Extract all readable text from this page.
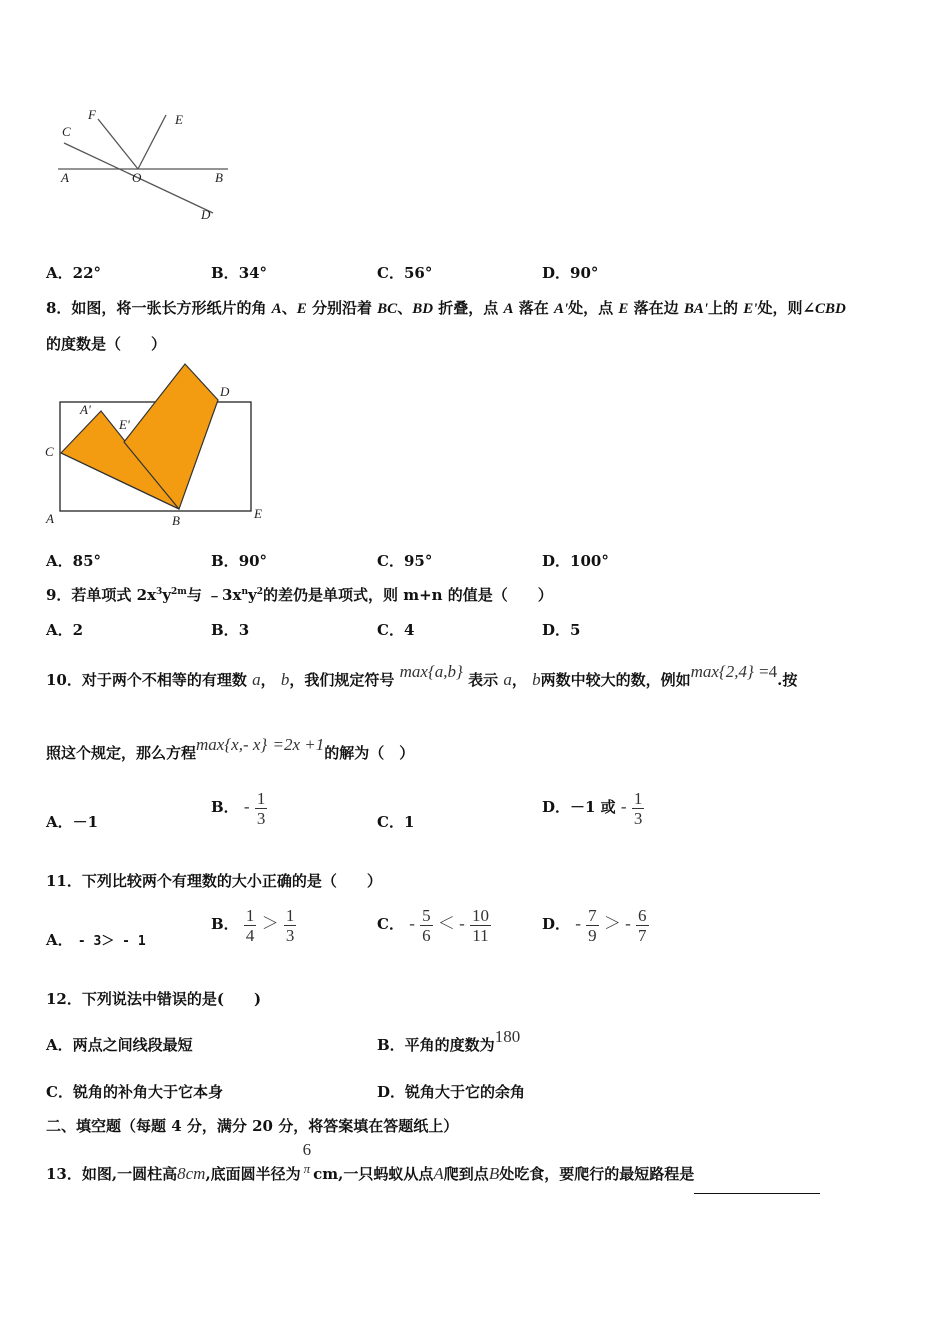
C
F	E
A	O	B
D
A．22°	B．34°	C．56°	D．90°
8．如图，将一张长方形纸片的角 A、E 分别沿着 BC、BD 折叠，点 A 落在 A'处，点 E 落在边 BA'上的 E'处，则∠CBD
的度数是（　　）
A'
E'
C
D
A	B	E
A．85°	B．90°	C．95°	D．100°
9．若单项式 $2x^3y^{2m}$与 $﹣3x^ny^2$的差仍是单项式，则 m+n 的值是（　　）
A．2	B．3	C．4	D．5
10．对于两个不相等的有理数 a， b，我们规定符号 max{a,b} 表示 a， b两数中较大的数，例如max{2,4} =4.按
照这个规定，那么方程max{x,- x} =2x +1的解为（　）
A．－1
B． - $\frac{1}{3}$	C．1
D．－1 或 - $\frac{1}{3}$
11．下列比较两个有理数的大小正确的是（　　）
A． - 3＞ - 1
B． $\frac{1}{4} > \frac{1}{3}$	C． - $\frac{5}{6}$ ＜ - $\frac{10}{11}$	D． - $\frac{7}{9}$ ＞ - $\frac{6}{7}$
12．下列说法中错误的是(　　)
A．两点之间线段最短	B．平角的度数为180
C．锐角的补角大于它本身	D．锐角大于它的余角
二、填空题（每题 4 分，满分 20 分，将答案填在答题纸上）
13．如图,一圆柱高8cm,底面圆半径为
6
π cm,一只蚂蚁从点A爬到点B处吃食，要爬行的最短路程是
